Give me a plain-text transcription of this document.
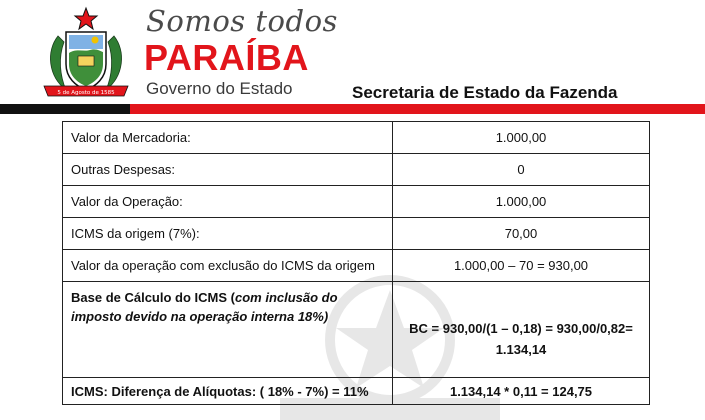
5 de Agosto de 1585
Somos todos
PARAÍBA
Governo do Estado	Secretaria de Estado da Fazenda
Valor da Mercadoria:	1.000,00
Outras Despesas:	0
Valor da Operação:	1.000,00
ICMS da origem (7%):	70,00
Valor da operação com exclusão do ICMS da origem	1.000,00 – 70 = 930,00
Base de Cálculo do ICMS (com inclusão do imposto devido na operação interna 18%)	BC = 930,00/(1 – 0,18) = 930,00/0,82=
1.134,14

ICMS: Diferença de Alíquotas: ( 18% - 7%) = 11%	1.134,14 * 0,11 = 124,75
